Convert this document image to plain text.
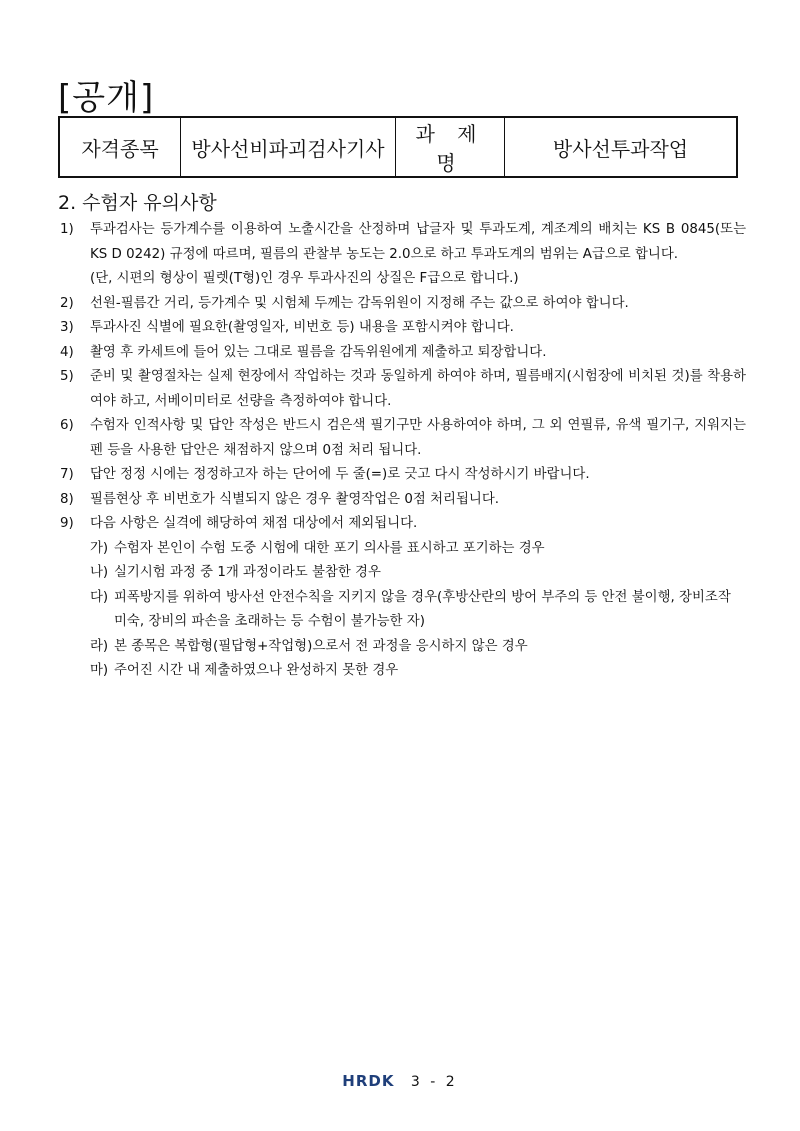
[공개]
자격종목	방사선비파괴검사기사	과 제 명	방사선투과작업
2. 수험자 유의사항
1) 투과검사는 등가계수를 이용하여 노출시간을 산정하며 납글자 및 투과도계, 계조계의 배치는 KS B 0845(또는 KS D 0242) 규정에 따르며, 필름의 관찰부 농도는 2.0으로 하고 투과도계의 범위는 A급으로 합니다.
(단, 시편의 형상이 필렛(T형)인 경우 투과사진의 상질은 F급으로 합니다.)
2) 선원-필름간 거리, 등가계수 및 시험체 두께는 감독위원이 지정해 주는 값으로 하여야 합니다.
3) 투과사진 식별에 필요한(촬영일자, 비번호 등) 내용을 포함시켜야 합니다.
4) 촬영 후 카세트에 들어 있는 그대로 필름을 감독위원에게 제출하고 퇴장합니다.
5) 준비 및 촬영절차는 실제 현장에서 작업하는 것과 동일하게 하여야 하며, 필름배지(시험장에 비치된 것)를 착용하여야 하고, 서베이미터로 선량을 측정하여야 합니다.
6) 수험자 인적사항 및 답안 작성은 반드시 검은색 필기구만 사용하여야 하며, 그 외 연필류, 유색 필기구, 지워지는 펜 등을 사용한 답안은 채점하지 않으며 0점 처리 됩니다.
7) 답안 정정 시에는 정정하고자 하는 단어에 두 줄(=)로 긋고 다시 작성하시기 바랍니다.
8) 필름현상 후 비번호가 식별되지 않은 경우 촬영작업은 0점 처리됩니다.
9) 다음 사항은 실격에 해당하여 채점 대상에서 제외됩니다.
가) 수험자 본인이 수험 도중 시험에 대한 포기 의사를 표시하고 포기하는 경우
나) 실기시험 과정 중 1개 과정이라도 불참한 경우
다) 피폭방지를 위하여 방사선 안전수칙을 지키지 않을 경우(후방산란의 방어 부주의 등 안전 불이행, 장비조작 미숙, 장비의 파손을 초래하는 등 수험이 불가능한 자)
라) 본 종목은 복합형(필답형+작업형)으로서 전 과정을 응시하지 않은 경우
마) 주어진 시간 내 제출하였으나 완성하지 못한 경우
HRDK 3 - 2
